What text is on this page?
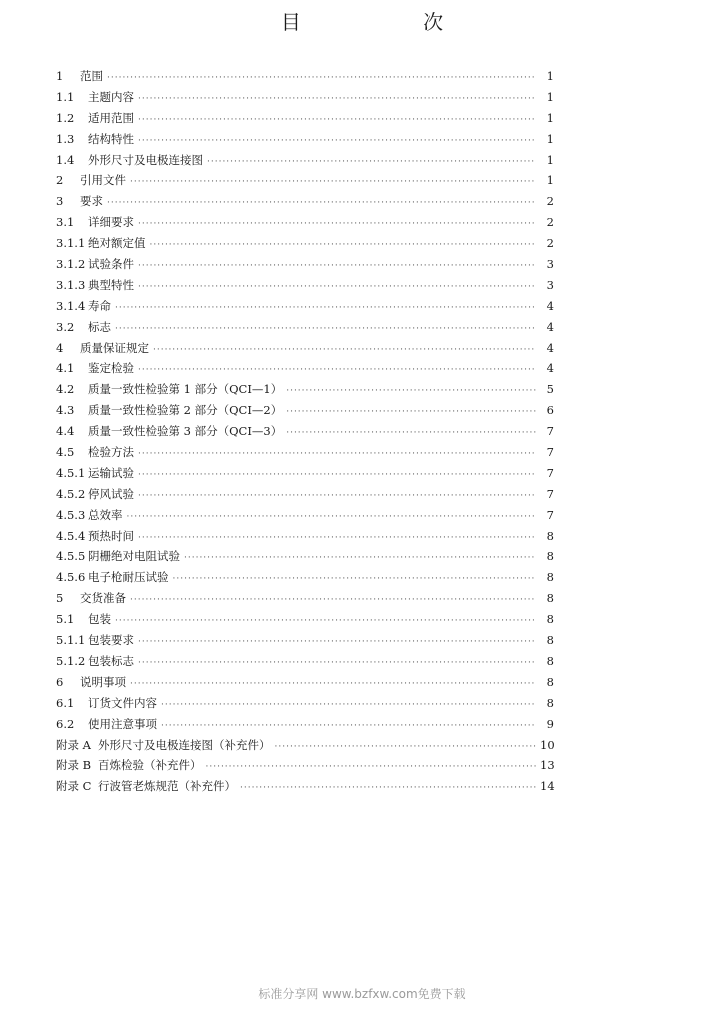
目 次
1	范围 ·····	1
1.1	主题内容 ·····	1
1.2	适用范围 ·····	1
1.3	结构特性 ·····	1
1.4	外形尺寸及电极连接图 ·····	1
2	引用文件 ·····	1
3	要求 ·····	2
3.1	详细要求 ·····	2
3.1.1 绝对额定值 ·····	2
3.1.2 试验条件 ·····	3
3.1.3 典型特性 ·····	3
3.1.4 寿命 ·····	4
3.2	标志 ·····	4
4	质量保证规定 ·····	4
4.1	鉴定检验 ·····	4
4.2	质量一致性检验第 1 部分（QCI—1） ·····	5
4.3	质量一致性检验第 2 部分（QCI—2） ·····	6
4.4	质量一致性检验第 3 部分（QCI—3） ·····	7
4.5	检验方法 ·····	7
4.5.1 运输试验 ·····	7
4.5.2 停风试验 ·····	7
4.5.3 总效率 ·····	7
4.5.4 预热时间 ·····	8
4.5.5 阴栅绝对电阻试验 ·····	8
4.5.6 电子枪耐压试验 ·····	8
5	交货准备 ·····	8
5.1	包装 ·····	8
5.1.1 包装要求 ·····	8
5.1.2 包装标志 ·····	8
6	说明事项 ·····	8
6.1	订货文件内容 ·····	8
6.2	使用注意事项 ·····	9
附录 A 外形尺寸及电极连接图（补充件） ·····	10
附录 B 百炼检验（补充件） ·····	13
附录 C 行波管老炼规范（补充件） ·····	14
标准分享网 www.bzfxw.com免费下载
